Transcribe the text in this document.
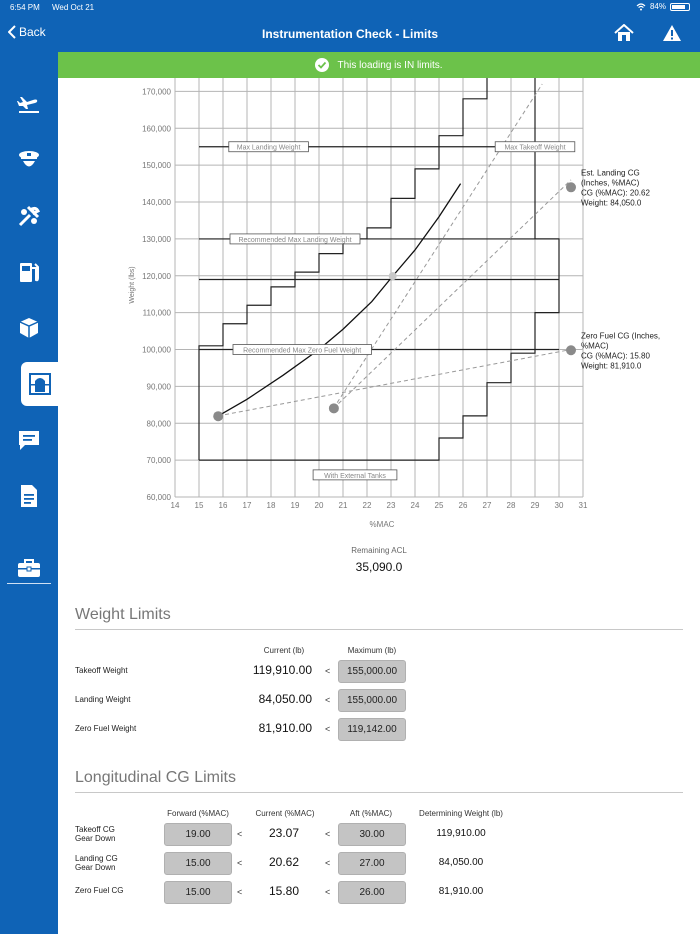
6:54 PM Wed Oct 21	84%
Back	Instrumentation Check - Limits
This loading is IN limits.
14 15 16 17 18 19 20 21 22 23 24 25 26 27 28 29 30 31
60,000
70,000
80,000
90,000
100,000
110,000
120,000
130,000
140,000
150,000
160,000
170,000
%MAC
Weight (lbs)
Max Landing Weight	Max Takeoff Weight
Recommended Max Landing Weight
Recommended Max Zero Fuel Weight
With External Tanks
Est. Landing CG
(Inches, %MAC)
CG (%MAC): 20.62
Weight: 84,050.0
Zero Fuel CG (Inches,
%MAC)
CG (%MAC): 15.80
Weight: 81,910.0
Remaining ACL
35,090.0
Weight Limits
Current (lb)	Maximum (lb)
Takeoff Weight	119,910.00 <	155,000.00
Landing Weight	84,050.00 <	155,000.00
Zero Fuel Weight	81,910.00 <	119,142.00
Longitudinal CG Limits
Forward (%MAC)	Current (%MAC)	Aft (%MAC)	Determining Weight (lb)
Takeoff CG
Gear Down	19.00	<	23.07	<	30.00	119,910.00
Landing CG
Gear Down	15.00	<	20.62	<	27.00	84,050.00
Zero Fuel CG	15.00	<	15.80	<	26.00	81,910.00
